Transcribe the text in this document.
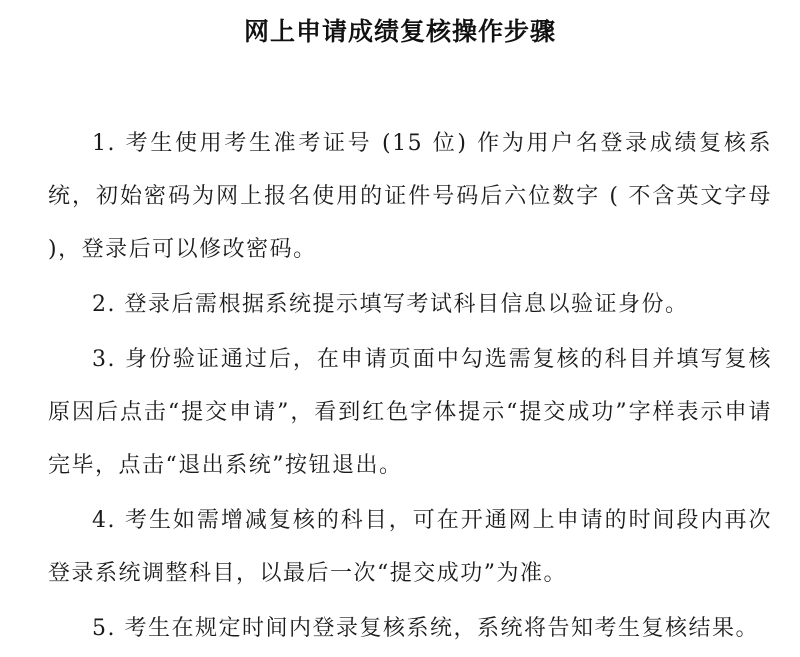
网上申请成绩复核操作步骤

1. 考生使用考生准考证号 (15 位) 作为用户名登录成绩复核系统，初始密码为网上报名使用的证件号码后六位数字 ( 不含英文字母 )，登录后可以修改密码。

2. 登录后需根据系统提示填写考试科目信息以验证身份。

3. 身份验证通过后，在申请页面中勾选需复核的科目并填写复核原因后点击“提交申请”，看到红色字体提示“提交成功”字样表示申请完毕，点击“退出系统”按钮退出。

4. 考生如需增减复核的科目，可在开通网上申请的时间段内再次登录系统调整科目，以最后一次“提交成功”为准。

5. 考生在规定时间内登录复核系统，系统将告知考生复核结果。
